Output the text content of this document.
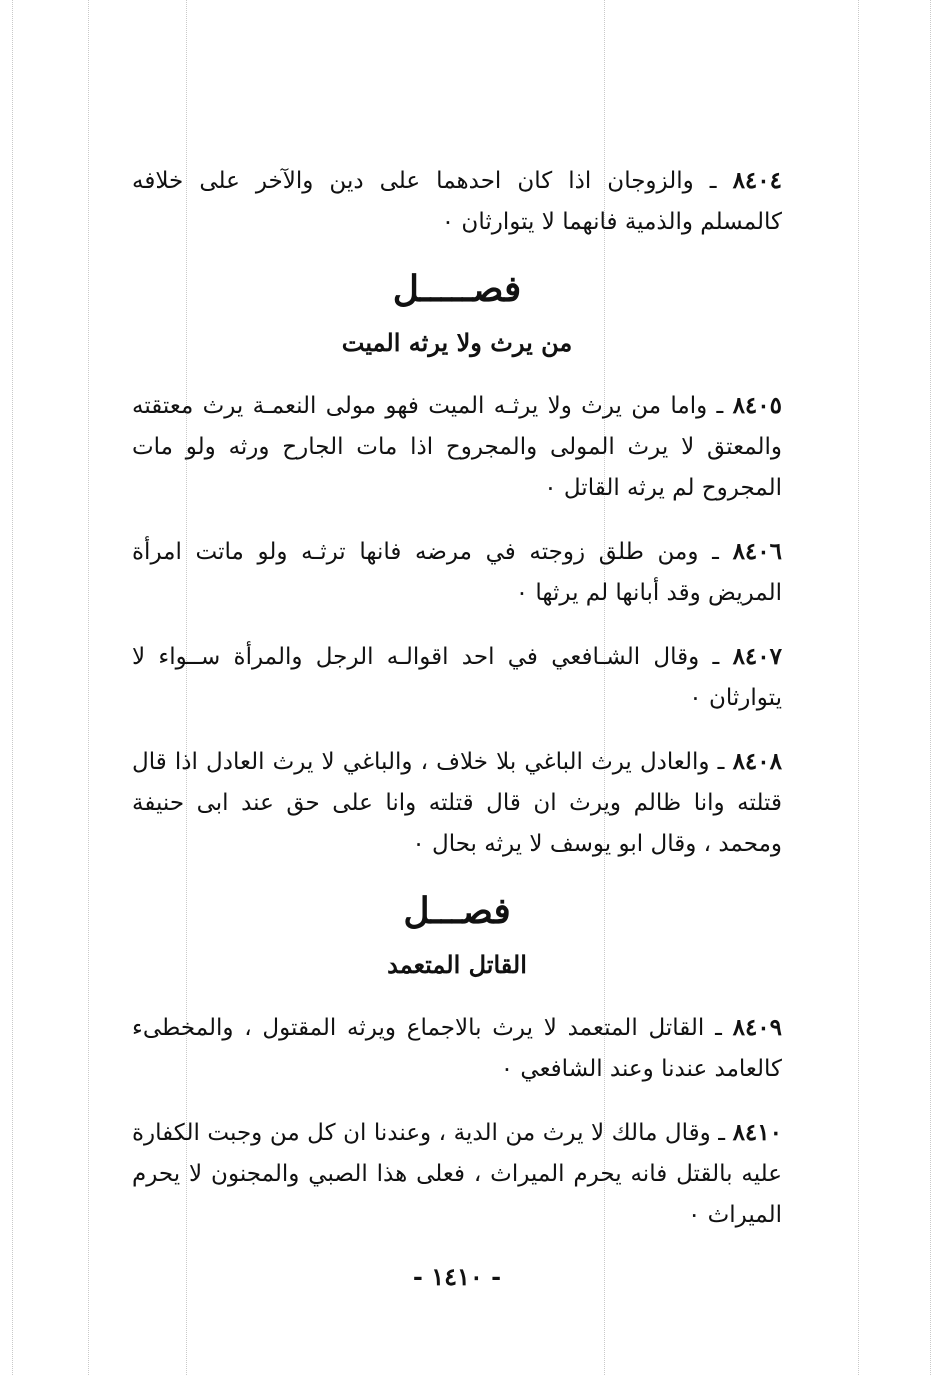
٨٤٠٤ ـ والزوجان اذا كان احدهما على دين والآخر على خلافه كالمسلم والذمية فانهما لا يتوارثان ٠

فصـــــل
من يرث ولا يرثه الميت

٨٤٠٥ ـ واما من يرث ولا يرثـه الميت فهو مولى النعمـة يرث معتقته والمعتق لا يرث المولى والمجروح اذا مات الجارح ورثه ولو مات المجروح لم يرثه القاتل ٠

٨٤٠٦ ـ ومن طلق زوجته في مرضه فانها ترثـه ولو ماتت امرأة المريض وقد أبانها لم يرثها ٠

٨٤٠٧ ـ وقال الشـافعي في احد اقوالـه الرجل والمرأة ســواء لا يتوارثان ٠

٨٤٠٨ ـ والعادل يرث الباغي بلا خلاف ، والباغي لا يرث العادل اذا قال قتلته وانا ظالم ويرث ان قال قتلته وانا على حق عند ابى حنيفة ومحمد ، وقال ابو يوسف لا يرثه بحال ٠

فصـــل
القاتل المتعمد

٨٤٠٩ ـ القاتل المتعمد لا يرث بالاجماع ويرثه المقتول ، والمخطىء كالعامد عندنا وعند الشافعي ٠

٨٤١٠ ـ وقال مالك لا يرث من الدية ، وعندنا ان كل من وجبت الكفارة عليه بالقتل فانه يحرم الميراث ، فعلى هذا الصبي والمجنون لا يحرم الميراث ٠

- ١٤١٠ -
